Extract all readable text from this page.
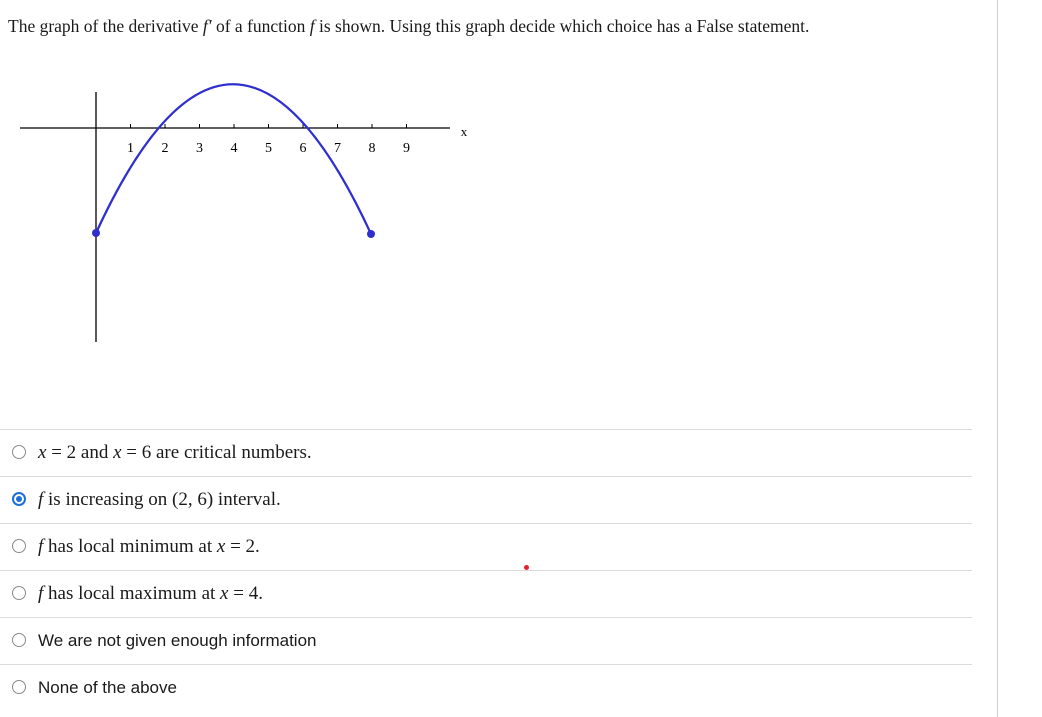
The graph of the derivative f′ of a function f is shown. Using this graph decide which choice has a False statement.

1 2 3 4 5 6 7 8 9
x
x = 2 and x = 6 are critical numbers.
f is increasing on (2, 6) interval.
f has local minimum at x = 2.
f has local maximum at x = 4.
We are not given enough information
None of the above
